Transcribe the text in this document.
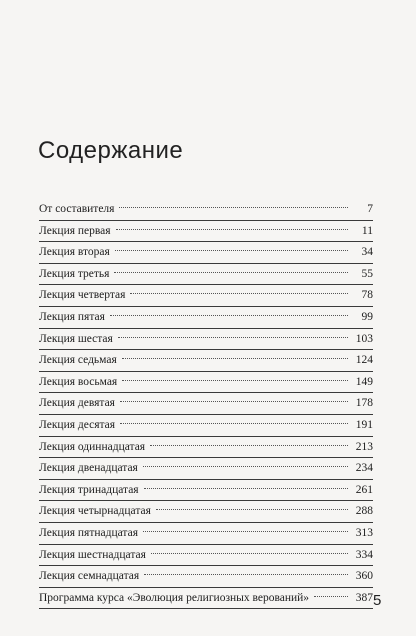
Содержание
От составителя	7
Лекция первая	11
Лекция вторая	34
Лекция третья	55
Лекция четвертая	78
Лекция пятая	99
Лекция шестая	103
Лекция седьмая	124
Лекция восьмая	149
Лекция девятая	178
Лекция десятая	191
Лекция одиннадцатая	213
Лекция двенадцатая	234
Лекция тринадцатая	261
Лекция четырнадцатая	288
Лекция пятнадцатая	313
Лекция шестнадцатая	334
Лекция семнадцатая	360
Программа курса «Эволюция религиозных верований»	387 5
